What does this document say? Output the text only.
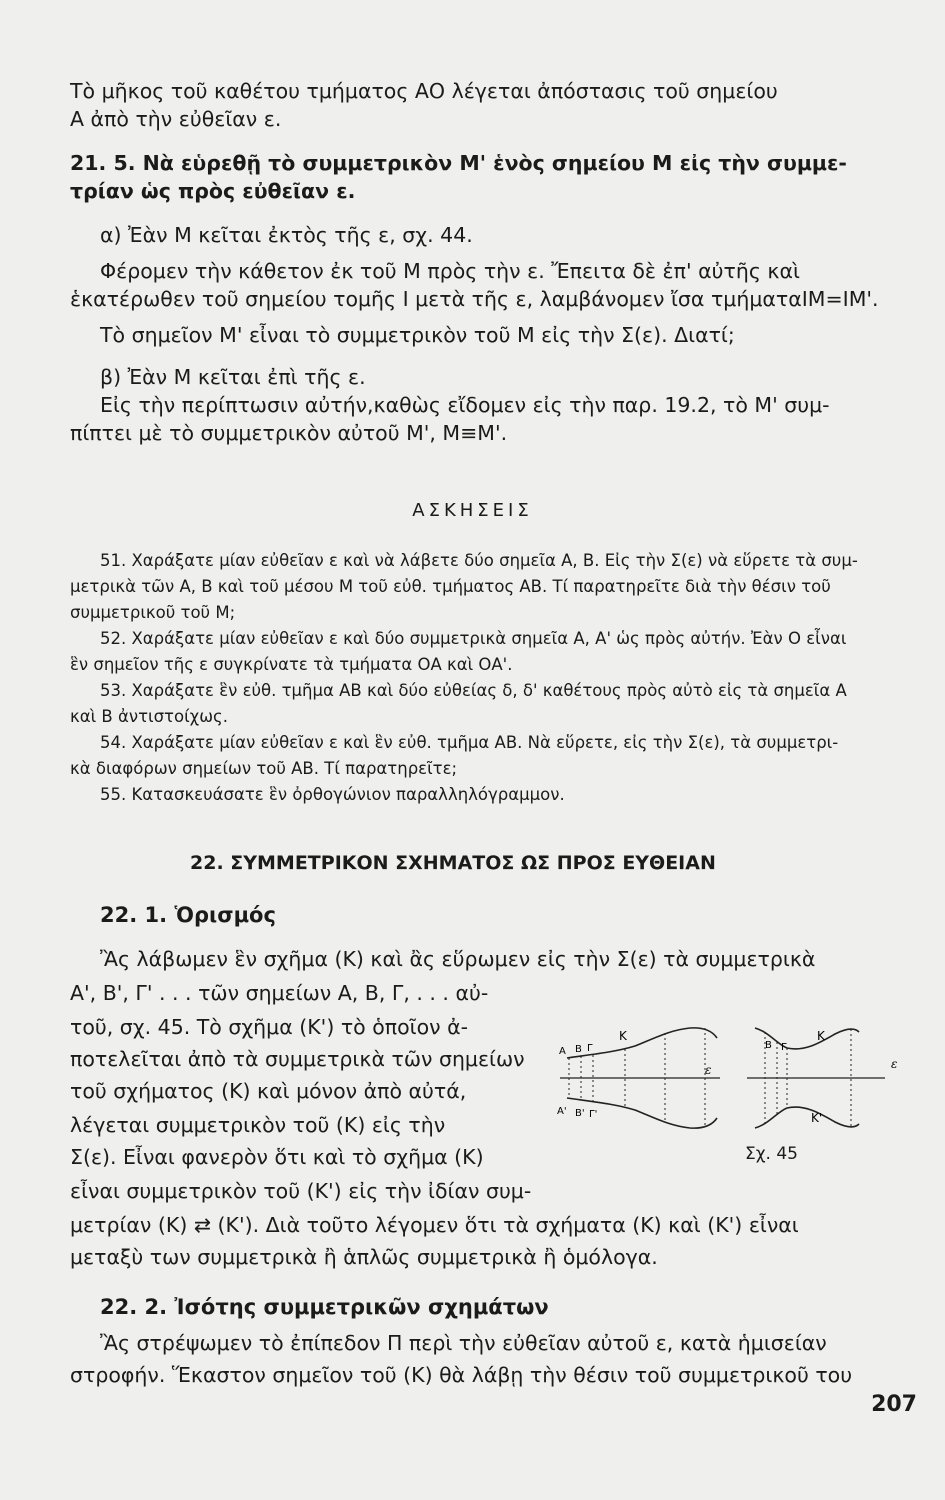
Τὸ μῆκος τοῦ καθέτου τμήματος ΑΟ λέγεται ἀπόστασις τοῦ σημείου
Α ἀπὸ τὴν εὐθεῖαν ε.
21. 5. Νὰ εὑρεθῇ τὸ συμμετρικὸν Μ' ἑνὸς σημείου Μ εἰς τὴν συμμε-
τρίαν ὡς πρὸς εὐθεῖαν ε.
α) Ἐὰν Μ κεῖται ἐκτὸς τῆς ε, σχ. 44.
Φέρομεν τὴν κάθετον ἐκ τοῦ Μ πρὸς τὴν ε. Ἔπειτα δὲ ἐπ' αὐτῆς καὶ
ἑκατέρωθεν τοῦ σημείου τομῆς Ι μετὰ τῆς ε, λαμβάνομεν ἴσα τμήματαΙΜ=ΙΜ'.
Τὸ σημεῖον Μ' εἶναι τὸ συμμετρικὸν τοῦ Μ εἰς τὴν Σ(ε). Διατί;
β) Ἐὰν Μ κεῖται ἐπὶ τῆς ε.
Εἰς τὴν περίπτωσιν αὐτήν,καθὼς εἴδομεν εἰς τὴν παρ. 19.2, τὸ Μ' συμ-
πίπτει μὲ τὸ συμμετρικὸν αὐτοῦ Μ', Μ≡Μ'.
ΑΣΚΗΣΕΙΣ
51. Χαράξατε μίαν εὐθεῖαν ε καὶ νὰ λάβετε δύο σημεῖα Α, Β. Εἰς τὴν Σ(ε) νὰ εὕρετε τὰ συμ-
μετρικὰ τῶν Α, Β καὶ τοῦ μέσου Μ τοῦ εὐθ. τμήματος ΑΒ. Τί παρατηρεῖτε διὰ τὴν θέσιν τοῦ
συμμετρικοῦ τοῦ Μ;
52. Χαράξατε μίαν εὐθεῖαν ε καὶ δύο συμμετρικὰ σημεῖα Α, Α' ὡς πρὸς αὐτήν. Ἐὰν Ο εἶναι
ἓν σημεῖον τῆς ε συγκρίνατε τὰ τμήματα ΟΑ καὶ ΟΑ'.
53. Χαράξατε ἓν εὐθ. τμῆμα ΑΒ καὶ δύο εὐθείας δ, δ' καθέτους πρὸς αὐτὸ εἰς τὰ σημεῖα Α
καὶ Β ἀντιστοίχως.
54. Χαράξατε μίαν εὐθεῖαν ε καὶ ἓν εὐθ. τμῆμα ΑΒ. Νὰ εὕρετε, εἰς τὴν Σ(ε), τὰ συμμετρι-
κὰ διαφόρων σημείων τοῦ ΑΒ. Τί παρατηρεῖτε;
55. Κατασκευάσατε ἓν ὀρθογώνιον παραλληλόγραμμον.
22. ΣΥΜΜΕΤΡΙΚΟΝ ΣΧΗΜΑΤΟΣ ΩΣ ΠΡΟΣ ΕΥΘΕΙΑΝ
22. 1. Ὁρισμός
Ἂς λάβωμεν ἓν σχῆμα (Κ) καὶ ἂς εὕρωμεν εἰς τὴν Σ(ε) τὰ συμμετρικὰ
Α', Β', Γ' . . . τῶν σημείων Α, Β, Γ, . . . αὐ-
τοῦ, σχ. 45. Τὸ σχῆμα (Κ') τὸ ὁποῖον ἀ-
ποτελεῖται ἀπὸ τὰ συμμετρικὰ τῶν σημείων
τοῦ σχήματος (Κ) καὶ μόνον ἀπὸ αὐτά,
λέγεται συμμετρικὸν τοῦ (Κ) εἰς τὴν
Σ(ε). Εἶναι φανερὸν ὅτι καὶ τὸ σχῆμα (Κ)
εἶναι συμμετρικὸν τοῦ (Κ') εἰς τὴν ἰδίαν συμ-
μετρίαν (Κ) ⇄ (Κ'). Διὰ τοῦτο λέγομεν ὅτι τὰ σχήματα (Κ) καὶ (Κ') εἶναι
μεταξὺ των συμμετρικὰ ἢ ἁπλῶς συμμετρικὰ ἢ ὁμόλογα.
22. 2. Ἰσότης συμμετρικῶν σχημάτων
Ἂς στρέψωμεν τὸ ἐπίπεδον Π περὶ τὴν εὐθεῖαν αὐτοῦ ε, κατὰ ἡμισείαν
στροφήν. Ἕκαστον σημεῖον τοῦ (Κ) θὰ λάβῃ τὴν θέσιν τοῦ συμμετρικοῦ του
Α Β Γ
Κ
Α' Β' Γ'
ε
Β Γ
Κ
Κ'
ε
Σχ. 45
207
